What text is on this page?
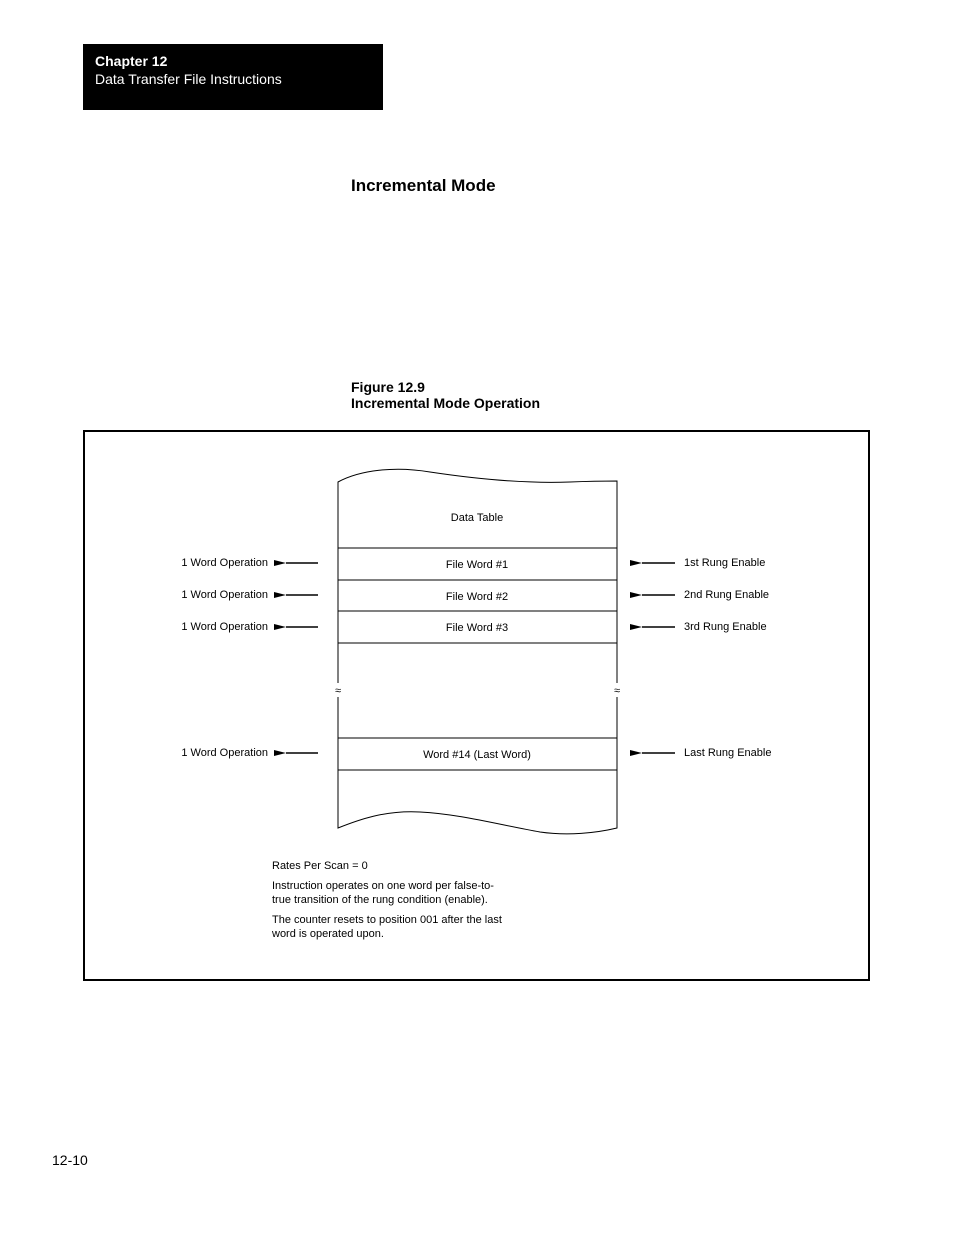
Chapter 12
Data Transfer File Instructions
Incremental Mode
Figure 12.9
Incremental Mode Operation
≈	≈
Data Table
File Word #1
File Word #2
File Word #3
Word #14 (Last Word)
1 Word Operation
1 Word Operation
1 Word Operation
1 Word Operation
1st Rung Enable
2nd Rung Enable
3rd Rung Enable
Last Rung Enable
Rates Per Scan = 0
Instruction operates on one word per false-to-true transition of the rung condition (enable).
The counter resets to position 001 after the last word is operated upon.
12-10
